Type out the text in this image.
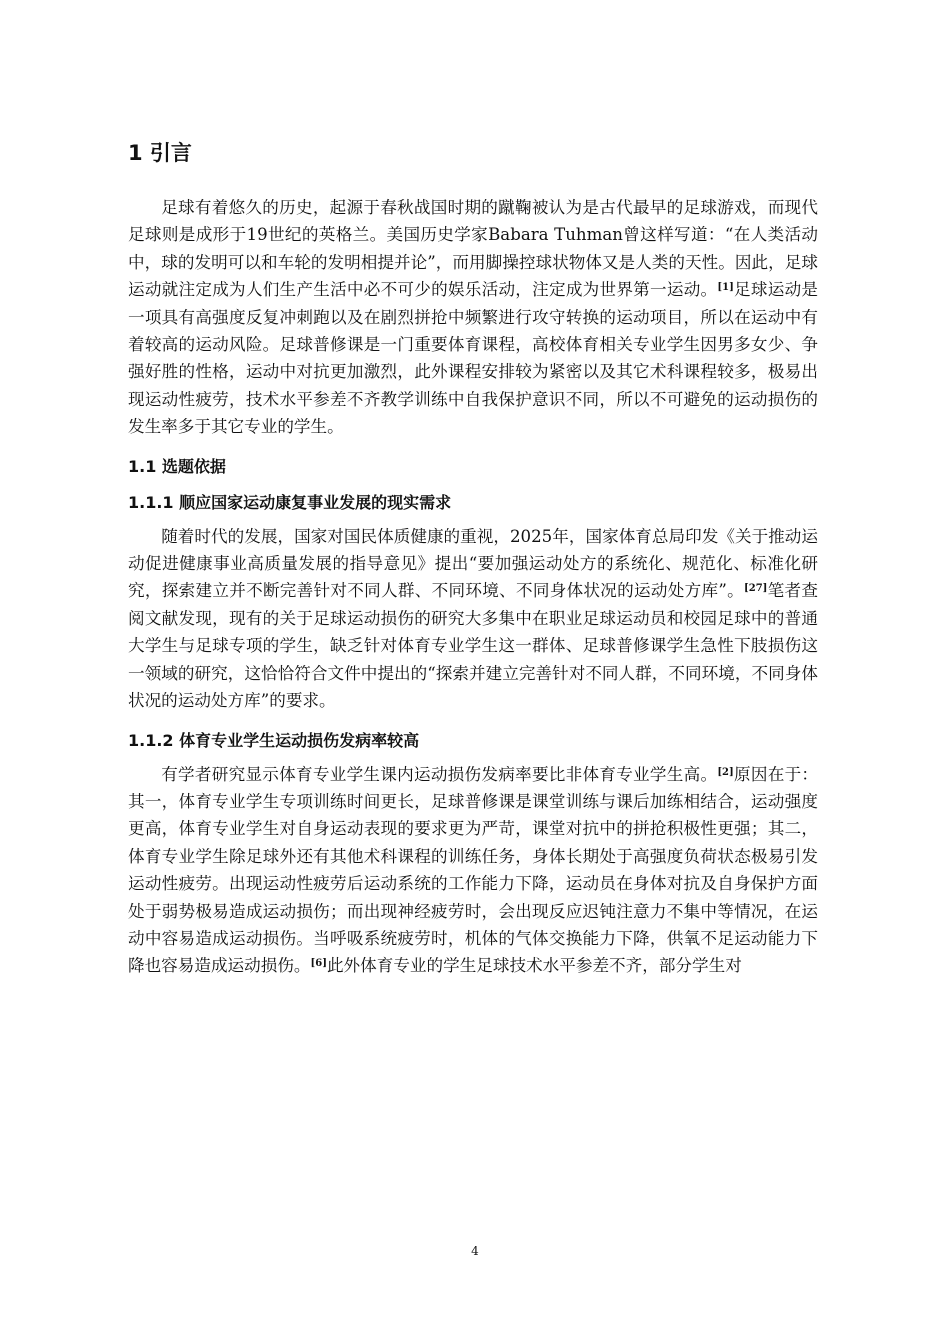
1 引言

足球有着悠久的历史，起源于春秋战国时期的蹴鞠被认为是古代最早的足球游戏，而现代足球则是成形于19世纪的英格兰。美国历史学家Babara Tuhman曾这样写道：“在人类活动中，球的发明可以和车轮的发明相提并论”，而用脚操控球状物体又是人类的天性。因此，足球运动就注定成为人们生产生活中必不可少的娱乐活动，注定成为世界第一运动。[1]足球运动是一项具有高强度反复冲刺跑以及在剧烈拼抢中频繁进行攻守转换的运动项目，所以在运动中有着较高的运动风险。足球普修课是一门重要体育课程，高校体育相关专业学生因男多女少、争强好胜的性格，运动中对抗更加激烈，此外课程安排较为紧密以及其它术科课程较多，极易出现运动性疲劳，技术水平参差不齐教学训练中自我保护意识不同，所以不可避免的运动损伤的发生率多于其它专业的学生。

1.1 选题依据
1.1.1 顺应国家运动康复事业发展的现实需求

随着时代的发展，国家对国民体质健康的重视，2025年，国家体育总局印发《关于推动运动促进健康事业高质量发展的指导意见》提出“要加强运动处方的系统化、规范化、标准化研究，探索建立并不断完善针对不同人群、不同环境、不同身体状况的运动处方库”。[27]笔者查阅文献发现，现有的关于足球运动损伤的研究大多集中在职业足球运动员和校园足球中的普通大学生与足球专项的学生，缺乏针对体育专业学生这一群体、足球普修课学生急性下肢损伤这一领域的研究，这恰恰符合文件中提出的“探索并建立完善针对不同人群，不同环境，不同身体状况的运动处方库”的要求。

1.1.2 体育专业学生运动损伤发病率较高

有学者研究显示体育专业学生课内运动损伤发病率要比非体育专业学生高。[2]原因在于：其一，体育专业学生专项训练时间更长，足球普修课是课堂训练与课后加练相结合，运动强度更高，体育专业学生对自身运动表现的要求更为严苛，课堂对抗中的拼抢积极性更强；其二，体育专业学生除足球外还有其他术科课程的训练任务，身体长期处于高强度负荷状态极易引发运动性疲劳。出现运动性疲劳后运动系统的工作能力下降，运动员在身体对抗及自身保护方面处于弱势极易造成运动损伤；而出现神经疲劳时，会出现反应迟钝注意力不集中等情况，在运动中容易造成运动损伤。当呼吸系统疲劳时，机体的气体交换能力下降，供氧不足运动能力下降也容易造成运动损伤。[6]此外体育专业的学生足球技术水平参差不齐，部分学生对

4
